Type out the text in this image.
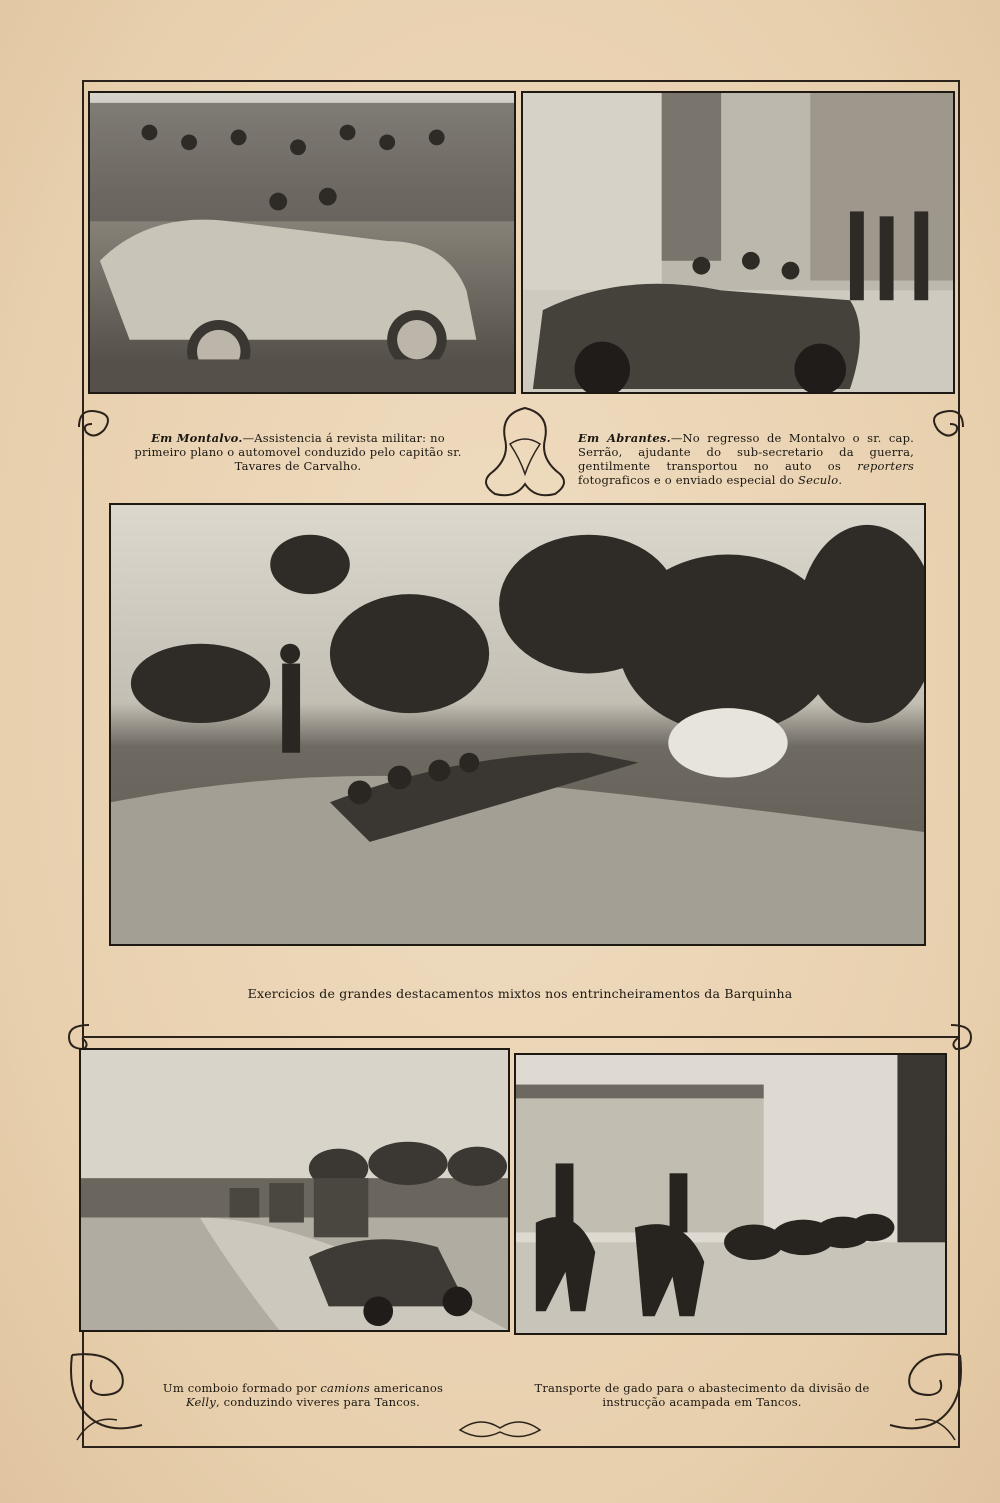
Em Montalvo.—Assistencia á revista militar: no primeiro plano o automovel conduzido pelo capitão sr. Tavares de Carvalho.
Em Abrantes.—No regresso de Montalvo o sr. cap. Serrão, ajudante do sub-secretario da guerra, gentilmente transportou no auto os reporters fotograficos e o enviado especial do Seculo.
Exercicios de grandes destacamentos mixtos nos entrincheiramentos da Barquinha
Um comboio formado por camions americanos Kelly, conduzindo viveres para Tancos.
Transporte de gado para o abastecimento da divisão de instrucção acampada em Tancos.
